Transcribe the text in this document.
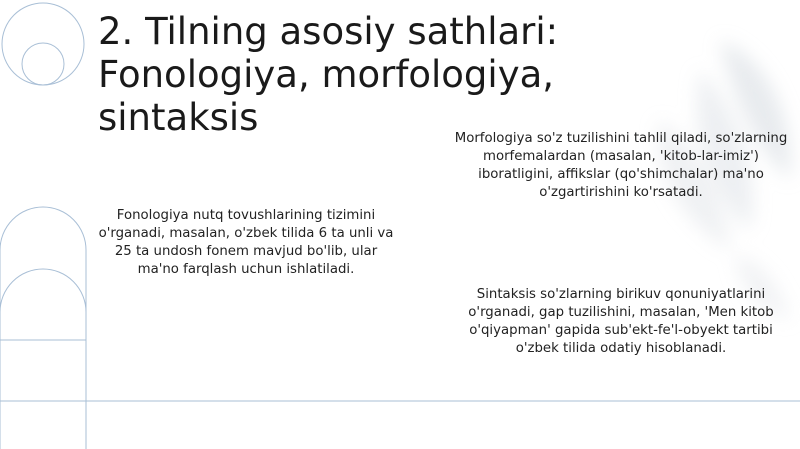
2. Tilning asosiy sathlari:
Fonologiya, morfologiya,
sintaksis

Fonologiya nutq tovushlarining tizimini o'rganadi, masalan, o'zbek tilida 6 ta unli va 25 ta undosh fonem mavjud bo'lib, ular ma'no farqlash uchun ishlatiladi.

Morfologiya so'z tuzilishini tahlil qiladi, so'zlarning morfemalardan (masalan, 'kitob-lar-imiz') iboratligini, affikslar (qo'shimchalar) ma'no o'zgartirishini ko'rsatadi.

Sintaksis so'zlarning birikuv qonuniyatlarini o'rganadi, gap tuzilishini, masalan, 'Men kitob o'qiyapman' gapida sub'ekt-fe'l-obyekt tartibi o'zbek tilida odatiy hisoblanadi.
